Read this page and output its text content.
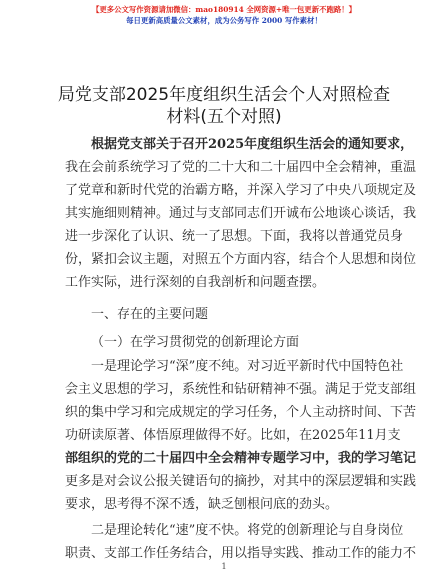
【更多公文写作资源请加微信：mao180914 全网资源+唯一包更新不跑路！】
每日更新高质量公文素材，成为公务写作 2000 写作素材！
局党支部2025年度组织生活会个人对照检查材料(五个对照)
根据党支部关于召开2025年度组织生活会的通知要求，
我在会前系统学习了党的二十大和二十届四中全会精神，重温
了党章和新时代党的治霸方略，并深入学习了中央八项规定及
其实施细则精神。通过与支部同志们开诚布公地谈心谈话，我
进一步深化了认识、统一了思想。下面，我将以普通党员身
份，紧扣会议主题，对照五个方面内容，结合个人思想和岗位
工作实际，进行深刻的自我剖析和问题查摆。
一、存在的主要问题
（一）在学习贯彻党的创新理论方面
一是理论学习“深”度不纯。对习近平新时代中国特色社
会主义思想的学习，系统性和钻研精神不强。满足于党支部组
织的集中学习和完成规定的学习任务，个人主动挤时间、下苦
功研读原著、体悟原理做得不好。比如，在2025年11月支
部组织的党的二十届四中全会精神专题学习中，我的学习笔记
更多是对会议公报关键语句的摘抄，对其中的深层逻辑和实践
要求，思考得不深不透，缺乏刨根问底的劲头。
二是理论转化“速”度不快。将党的创新理论与自身岗位
职责、支部工作任务结合，用以指导实践、推动工作的能力不
1
